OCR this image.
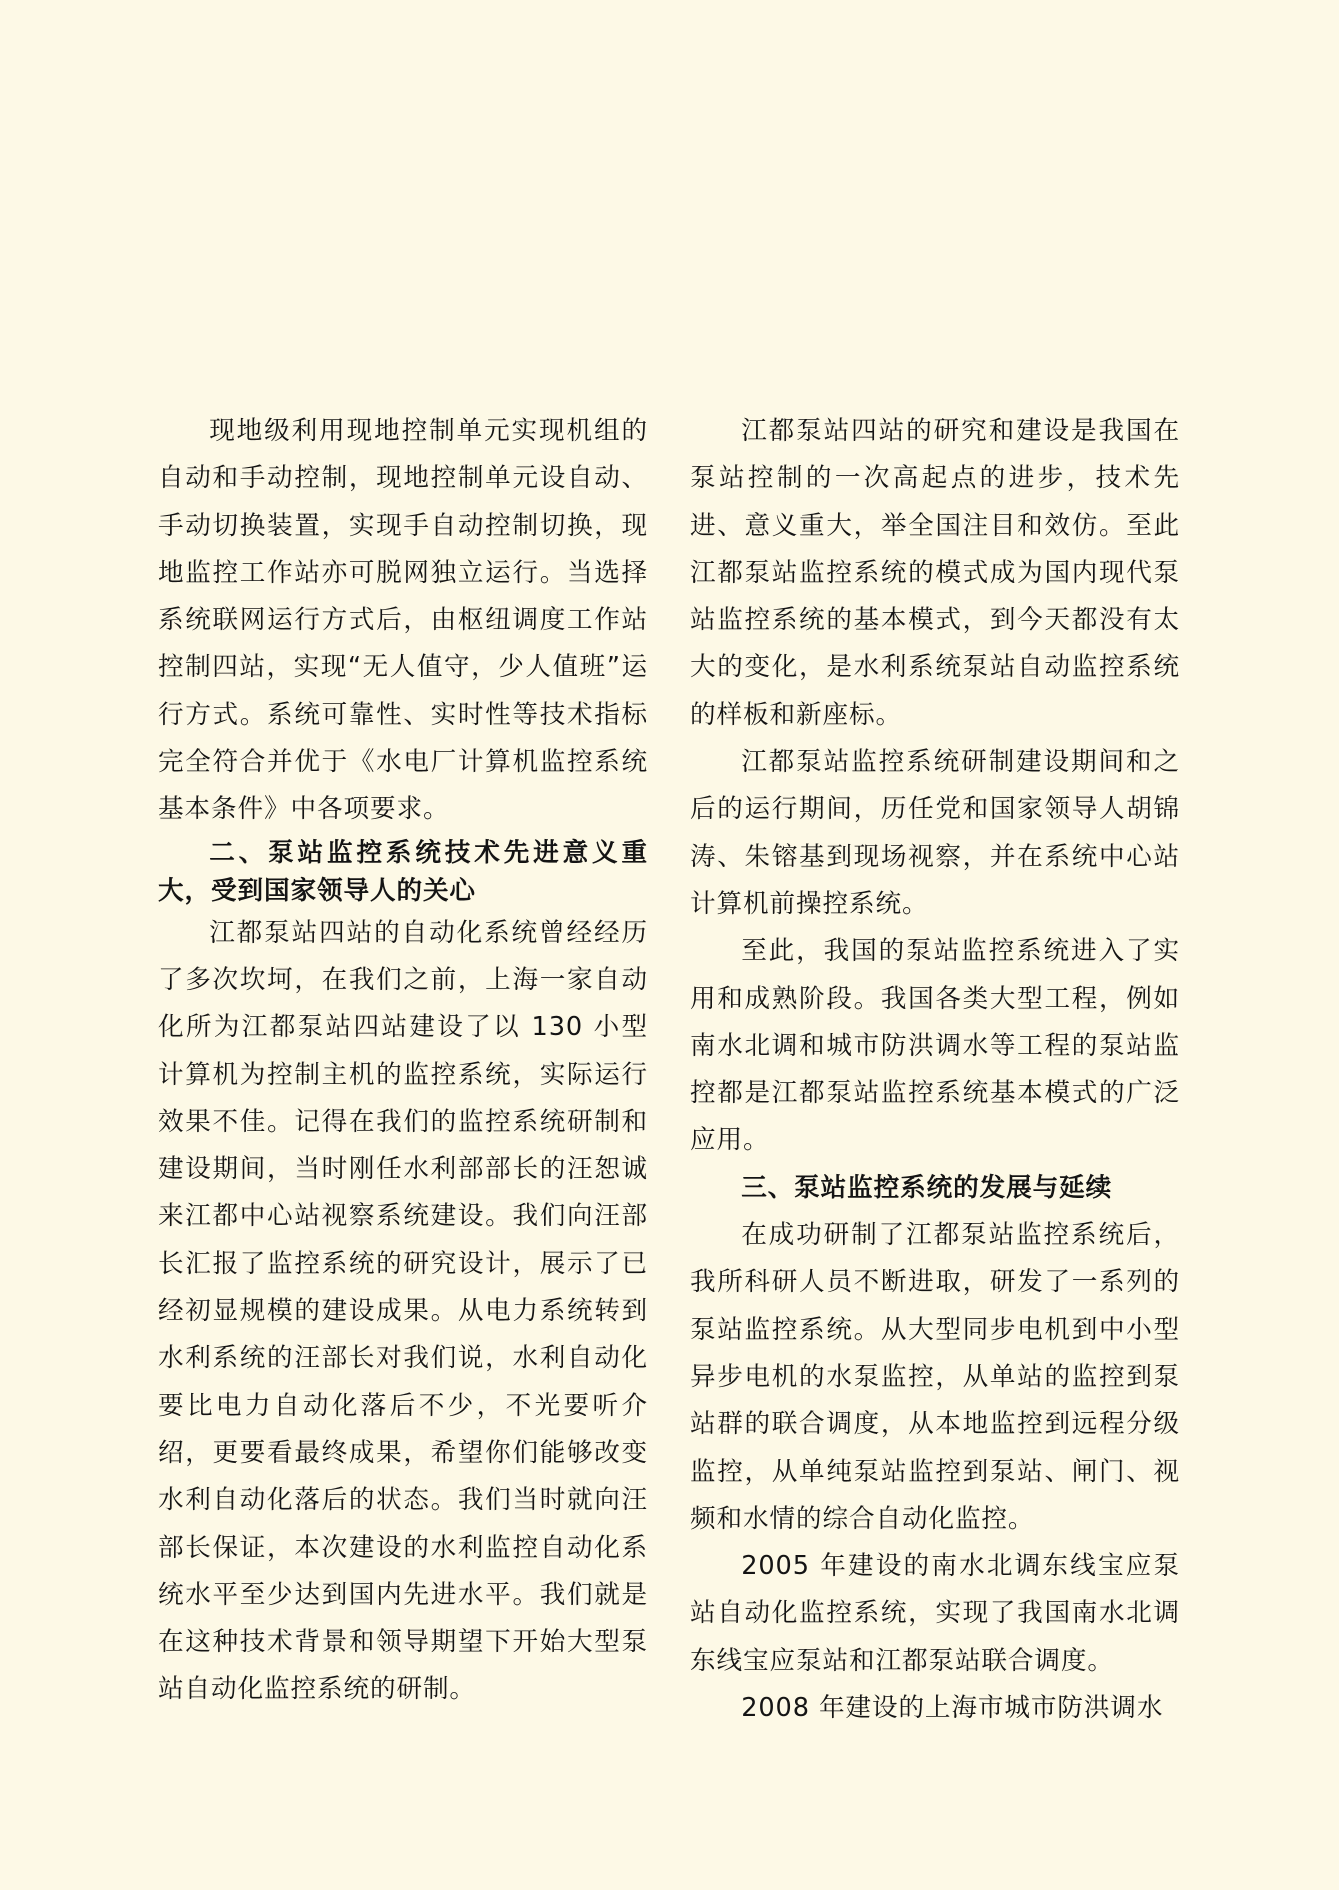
现地级利用现地控制单元实现机组的自动和手动控制，现地控制单元设自动、手动切换装置，实现手自动控制切换，现地监控工作站亦可脱网独立运行。当选择系统联网运行方式后，由枢纽调度工作站控制四站，实现“无人值守，少人值班”运行方式。系统可靠性、实时性等技术指标完全符合并优于《水电厂计算机监控系统基本条件》中各项要求。

二、泵站监控系统技术先进意义重大，受到国家领导人的关心

江都泵站四站的自动化系统曾经经历了多次坎坷，在我们之前，上海一家自动化所为江都泵站四站建设了以 130 小型计算机为控制主机的监控系统，实际运行效果不佳。记得在我们的监控系统研制和建设期间，当时刚任水利部部长的汪恕诚来江都中心站视察系统建设。我们向汪部长汇报了监控系统的研究设计，展示了已经初显规模的建设成果。从电力系统转到水利系统的汪部长对我们说，水利自动化要比电力自动化落后不少，不光要听介绍，更要看最终成果，希望你们能够改变水利自动化落后的状态。我们当时就向汪部长保证，本次建设的水利监控自动化系统水平至少达到国内先进水平。我们就是在这种技术背景和领导期望下开始大型泵站自动化监控系统的研制。

江都泵站四站的研究和建设是我国在泵站控制的一次高起点的进步，技术先进、意义重大，举全国注目和效仿。至此江都泵站监控系统的模式成为国内现代泵站监控系统的基本模式，到今天都没有太大的变化，是水利系统泵站自动监控系统的样板和新座标。

江都泵站监控系统研制建设期间和之后的运行期间，历任党和国家领导人胡锦涛、朱镕基到现场视察，并在系统中心站计算机前操控系统。

至此，我国的泵站监控系统进入了实用和成熟阶段。我国各类大型工程，例如南水北调和城市防洪调水等工程的泵站监控都是江都泵站监控系统基本模式的广泛应用。

三、泵站监控系统的发展与延续

在成功研制了江都泵站监控系统后，我所科研人员不断进取，研发了一系列的泵站监控系统。从大型同步电机到中小型异步电机的水泵监控，从单站的监控到泵站群的联合调度，从本地监控到远程分级监控，从单纯泵站监控到泵站、闸门、视频和水情的综合自动化监控。

2005 年建设的南水北调东线宝应泵站自动化监控系统，实现了我国南水北调东线宝应泵站和江都泵站联合调度。

2008 年建设的上海市城市防洪调水
